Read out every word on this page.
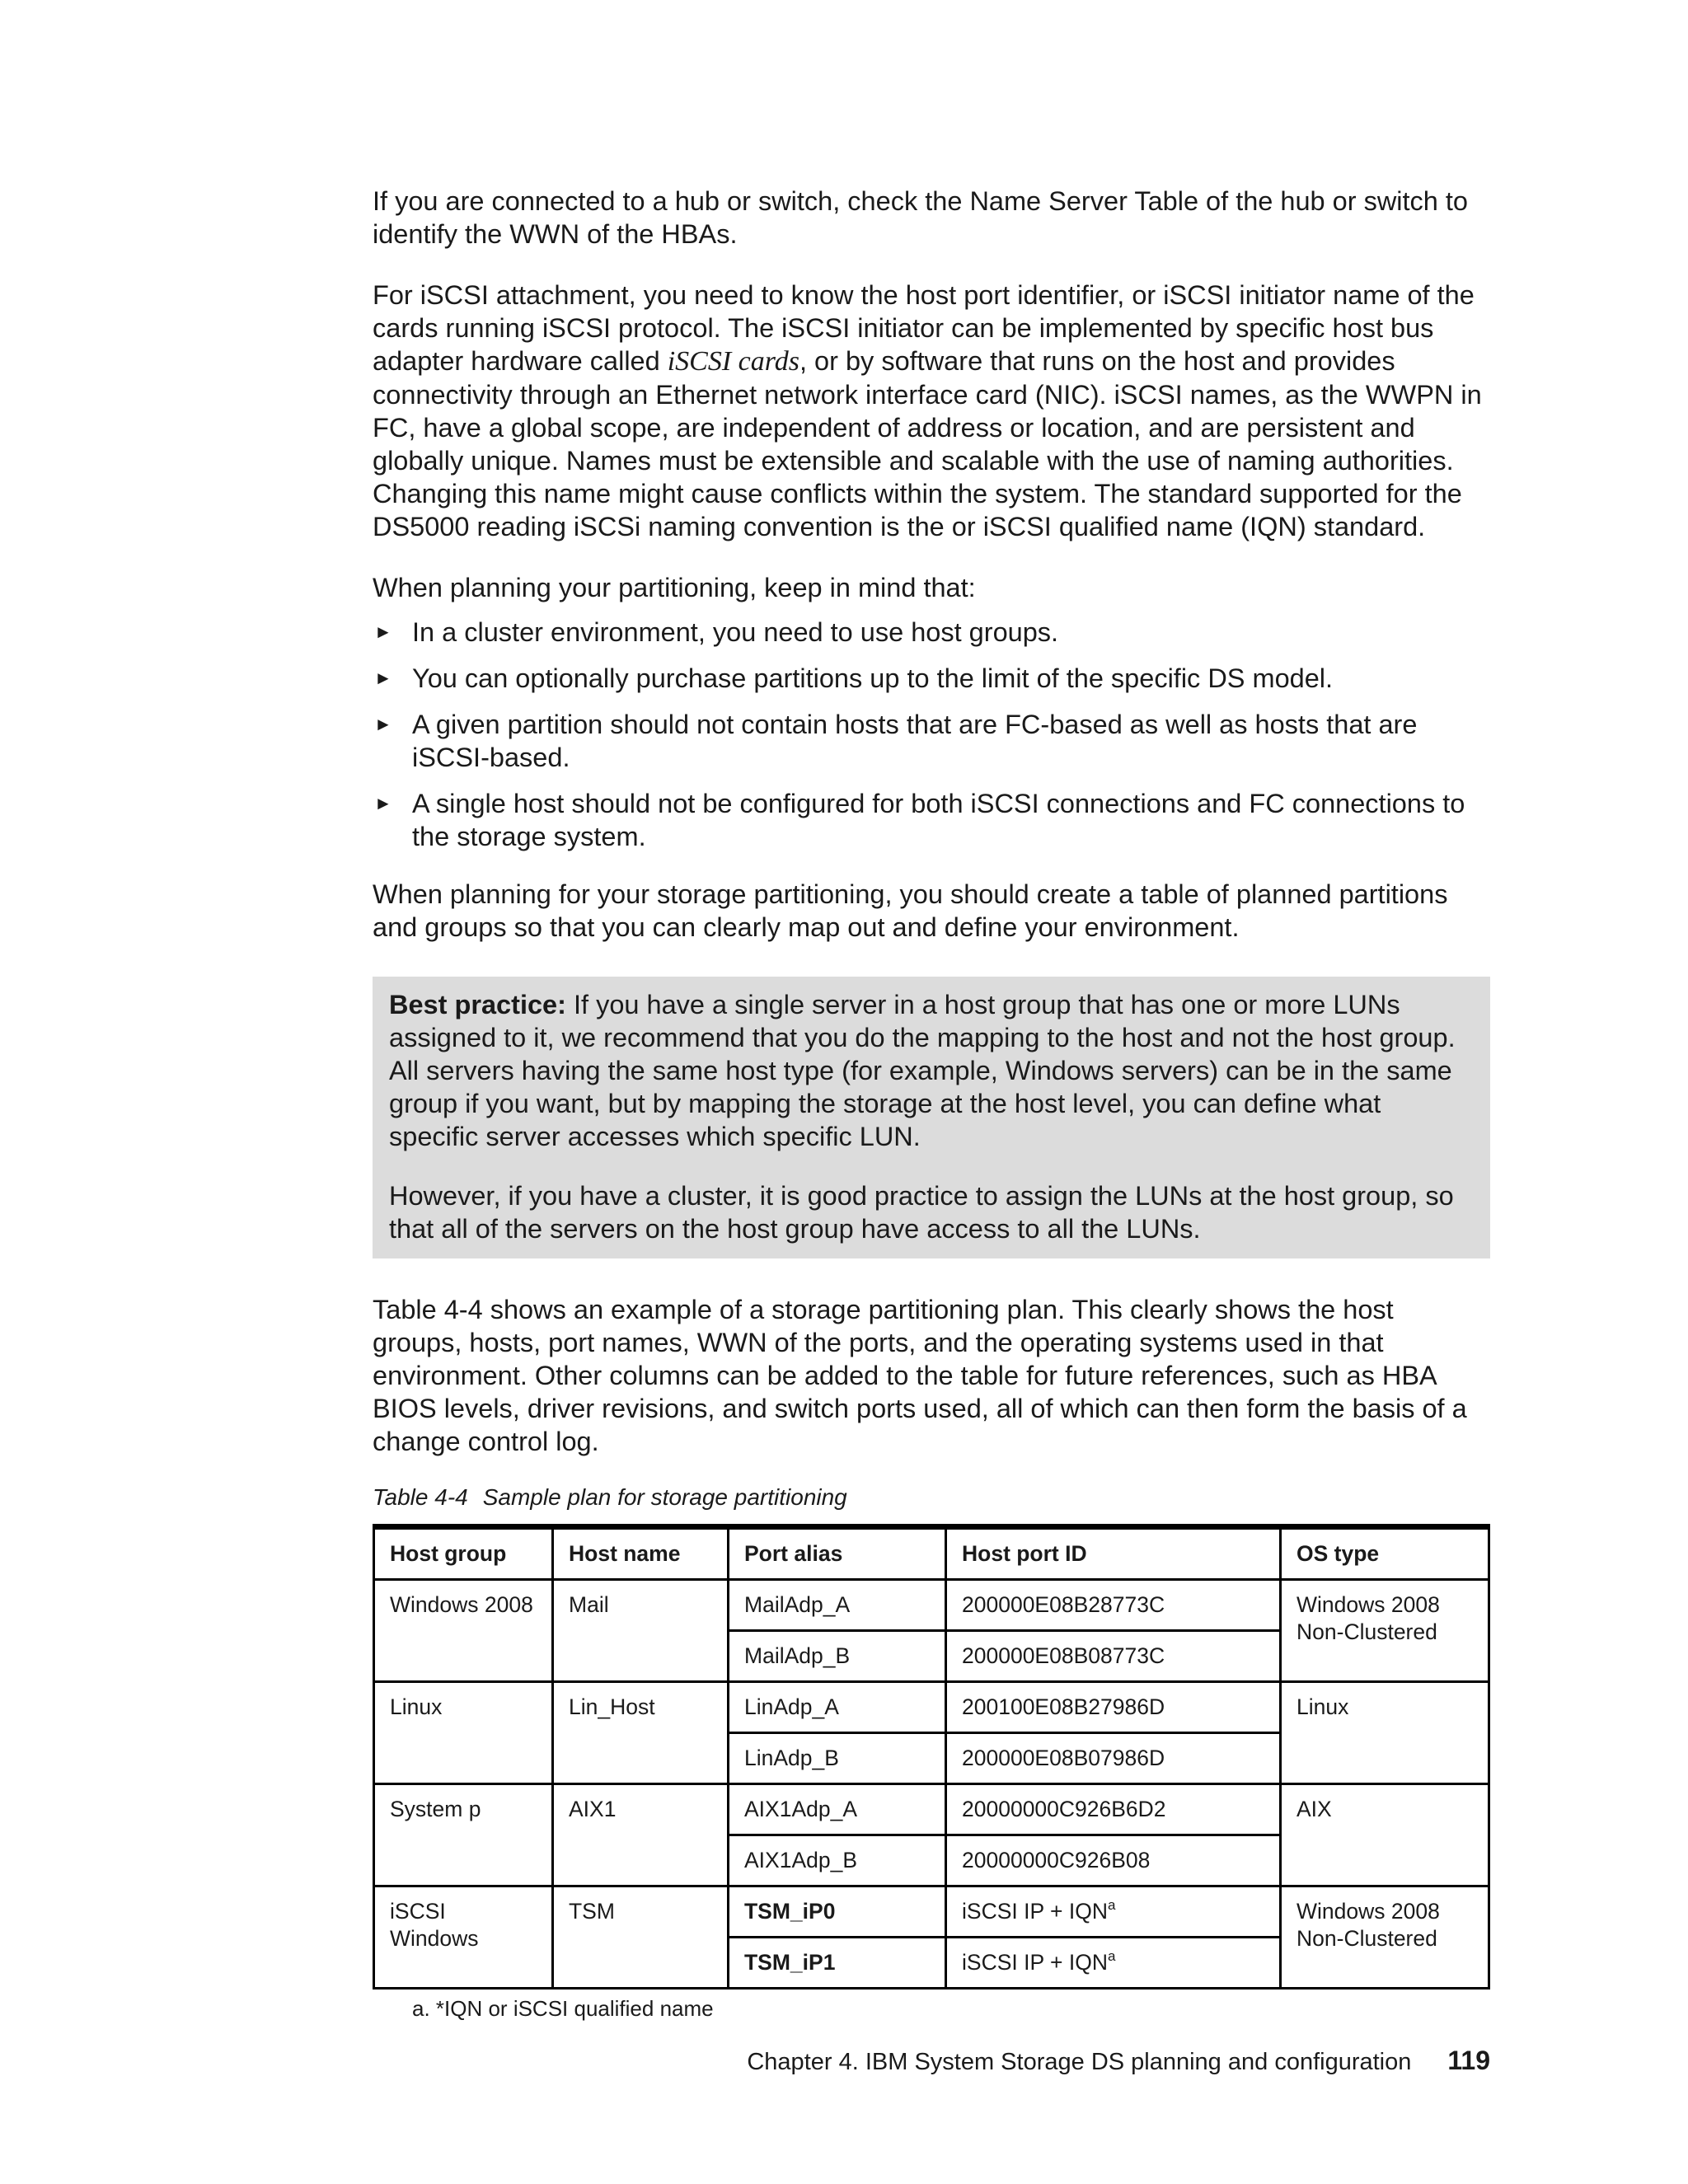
If you are connected to a hub or switch, check the Name Server Table of the hub or switch to identify the WWN of the HBAs.

For iSCSI attachment, you need to know the host port identifier, or iSCSI initiator name of the cards running iSCSI protocol. The iSCSI initiator can be implemented by specific host bus adapter hardware called iSCSI cards, or by software that runs on the host and provides connectivity through an Ethernet network interface card (NIC). iSCSI names, as the WWPN in FC, have a global scope, are independent of address or location, and are persistent and globally unique. Names must be extensible and scalable with the use of naming authorities. Changing this name might cause conflicts within the system. The standard supported for the DS5000 reading iSCSi naming convention is the or iSCSI qualified name (IQN) standard.

When planning your partitioning, keep in mind that:

► In a cluster environment, you need to use host groups.
► You can optionally purchase partitions up to the limit of the specific DS model.
► A given partition should not contain hosts that are FC-based as well as hosts that are iSCSI-based.
► A single host should not be configured for both iSCSI connections and FC connections to the storage system.

When planning for your storage partitioning, you should create a table of planned partitions and groups so that you can clearly map out and define your environment.

Best practice: If you have a single server in a host group that has one or more LUNs assigned to it, we recommend that you do the mapping to the host and not the host group. All servers having the same host type (for example, Windows servers) can be in the same group if you want, but by mapping the storage at the host level, you can define what specific server accesses which specific LUN.

However, if you have a cluster, it is good practice to assign the LUNs at the host group, so that all of the servers on the host group have access to all the LUNs.

Table 4-4 shows an example of a storage partitioning plan. This clearly shows the host groups, hosts, port names, WWN of the ports, and the operating systems used in that environment. Other columns can be added to the table for future references, such as HBA BIOS levels, driver revisions, and switch ports used, all of which can then form the basis of a change control log.

Table 4-4 Sample plan for storage partitioning
Host group	Host name	Port alias	Host port ID	OS type
Windows 2008	Mail	MailAdp_A	200000E08B28773C	Windows 2008
Non-Clustered
		MailAdp_B	200000E08B08773C	
Linux	Lin_Host	LinAdp_A	200100E08B27986D	Linux
		LinAdp_B	200000E08B07986D	
System p	AIX1	AIX1Adp_A	20000000C926B6D2	AIX
		AIX1Adp_B	20000000C926B08	
iSCSI
Windows	TSM	TSM_iP0	iSCSI IP + $IQN^a$	Windows 2008
Non-Clustered
		TSM_iP1	iSCSI IP + $IQN^a$
a. *IQN or iSCSI qualified name
Chapter 4. IBM System Storage DS planning and configuration 119
